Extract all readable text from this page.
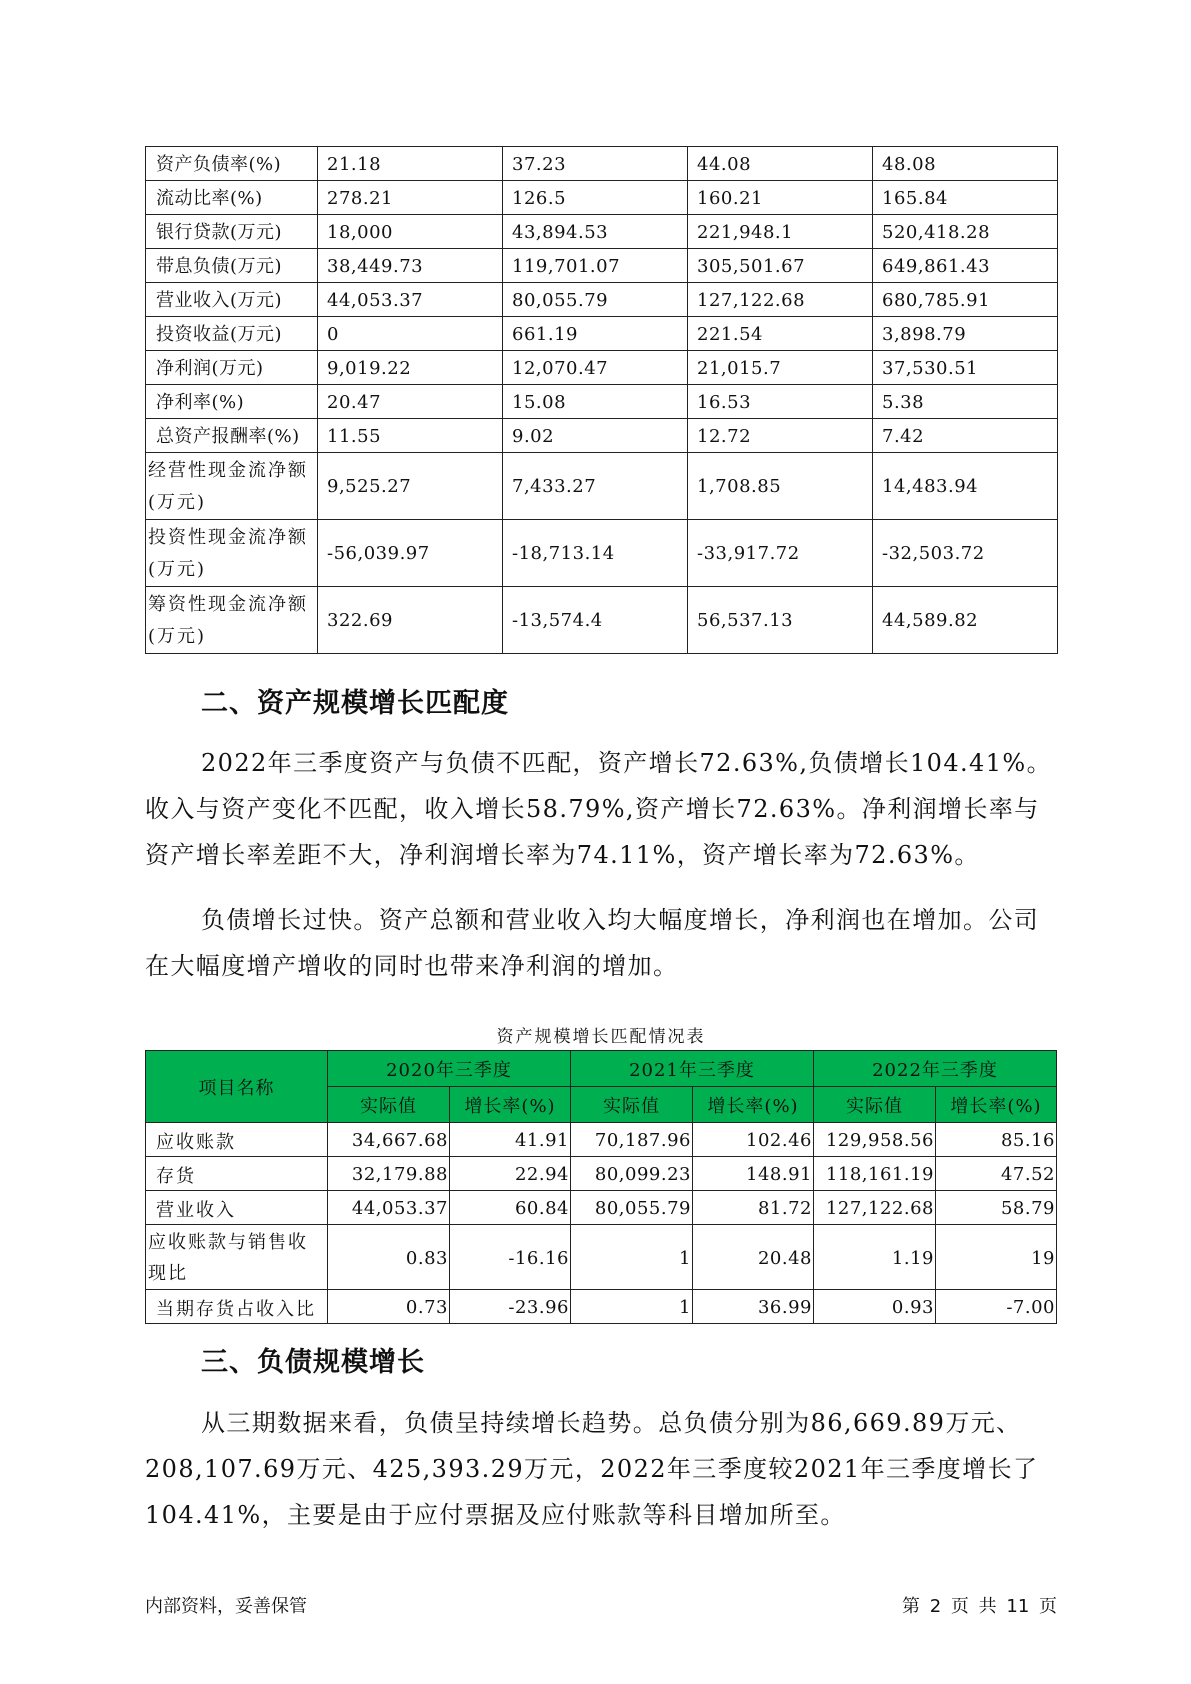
资产负债率(%)	21.18	37.23	44.08	48.08
流动比率(%)	278.21	126.5	160.21	165.84
银行贷款(万元)	18,000	43,894.53	221,948.1	520,418.28
带息负债(万元)	38,449.73	119,701.07	305,501.67	649,861.43
营业收入(万元)	44,053.37	80,055.79	127,122.68	680,785.91
投资收益(万元)	0	661.19	221.54	3,898.79
净利润(万元)	9,019.22	12,070.47	21,015.7	37,530.51
净利率(%)	20.47	15.08	16.53	5.38
总资产报酬率(%)	11.55	9.02	12.72	7.42
经营性现金流净额(万元)	9,525.27	7,433.27	1,708.85	14,483.94
投资性现金流净额(万元)	-56,039.97	-18,713.14	-33,917.72	-32,503.72
筹资性现金流净额(万元)	322.69	-13,574.4	56,537.13	44,589.82
二、资产规模增长匹配度

2022年三季度资产与负债不匹配，资产增长72.63%,负债增长104.41%。收入与资产变化不匹配，收入增长58.79%,资产增长72.63%。净利润增长率与资产增长率差距不大，净利润增长率为74.11%，资产增长率为72.63%。

负债增长过快。资产总额和营业收入均大幅度增长，净利润也在增加。公司在大幅度增产增收的同时也带来净利润的增加。

资产规模增长匹配情况表
项目名称	2020年三季度		2021年三季度		2022年三季度	
	实际值	增长率(%)	实际值	增长率(%)	实际值	增长率(%)
应收账款	34,667.68	41.91	70,187.96	102.46	129,958.56	85.16
存货	32,179.88	22.94	80,099.23	148.91	118,161.19	47.52
营业收入	44,053.37	60.84	80,055.79	81.72	127,122.68	58.79
应收账款与销售收现比	0.83	-16.16	1	20.48	1.19	19
当期存货占收入比	0.73	-23.96	1	36.99	0.93	-7.00
三、负债规模增长

从三期数据来看，负债呈持续增长趋势。总负债分别为86,669.89万元、208,107.69万元、425,393.29万元，2022年三季度较2021年三季度增长了104.41%，主要是由于应付票据及应付账款等科目增加所至。

内部资料，妥善保管	第 2 页 共 11 页
